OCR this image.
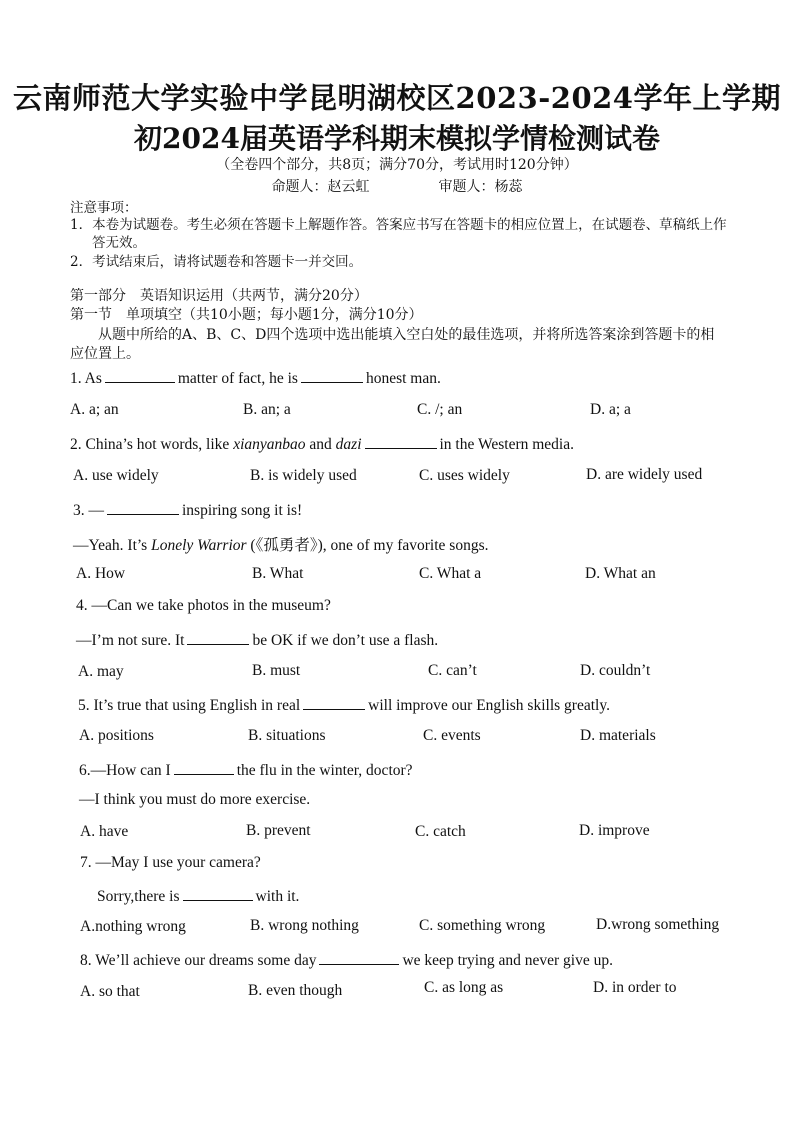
云南师范大学实验中学昆明湖校区2023-2024学年上学期
初2024届英语学科期末模拟学情检测试卷
（全卷四个部分，共8页；满分70分，考试用时120分钟）
命题人：赵云虹	审题人：杨蕊
注意事项：
1．本卷为试题卷。考生必须在答题卡上解题作答。答案应书写在答题卡的相应位置上，在试题卷、草稿纸上作
答无效。
2．考试结束后，请将试题卷和答题卡一并交回。
第一部分　英语知识运用（共两节，满分20分）
第一节　单项填空（共10小题；每小题1分，满分10分）
从题中所给的A、B、C、D四个选项中选出能填入空白处的最佳选项，并将所选答案涂到答题卡的相
应位置上。
1. As	matter of fact, he is	honest man.
A. a; an	B. an; a	C. /; an	D. a; a
2. China’s hot words, like xianyanbao and dazi	in the Western media.
A. use widely	B. is widely used	C. uses widely	D. are widely used
3. —	inspiring song it is!
—Yeah. It’s Lonely Warrior (《孤勇者》), one of my favorite songs.
A. How	B. What	C. What a	D. What an
4. —Can we take photos in the museum?
—I’m not sure. It	be OK if we don’t use a flash.
A. may	B. must	C. can’t	D. couldn’t
5. It’s true that using English in real	will improve our English skills greatly.
A. positions	B. situations	C. events	D. materials
6.—How can I	the flu in the winter, doctor?
—I think you must do more exercise.
A. have	B. prevent	C. catch	D. improve
7. —May I use your camera?
Sorry,there is	with it.
A.nothing wrong	B. wrong nothing	C. something wrong	D.wrong something
8. We’ll achieve our dreams some day	we keep trying and never give up.
A. so that	B. even though	C. as long as	D. in order to
